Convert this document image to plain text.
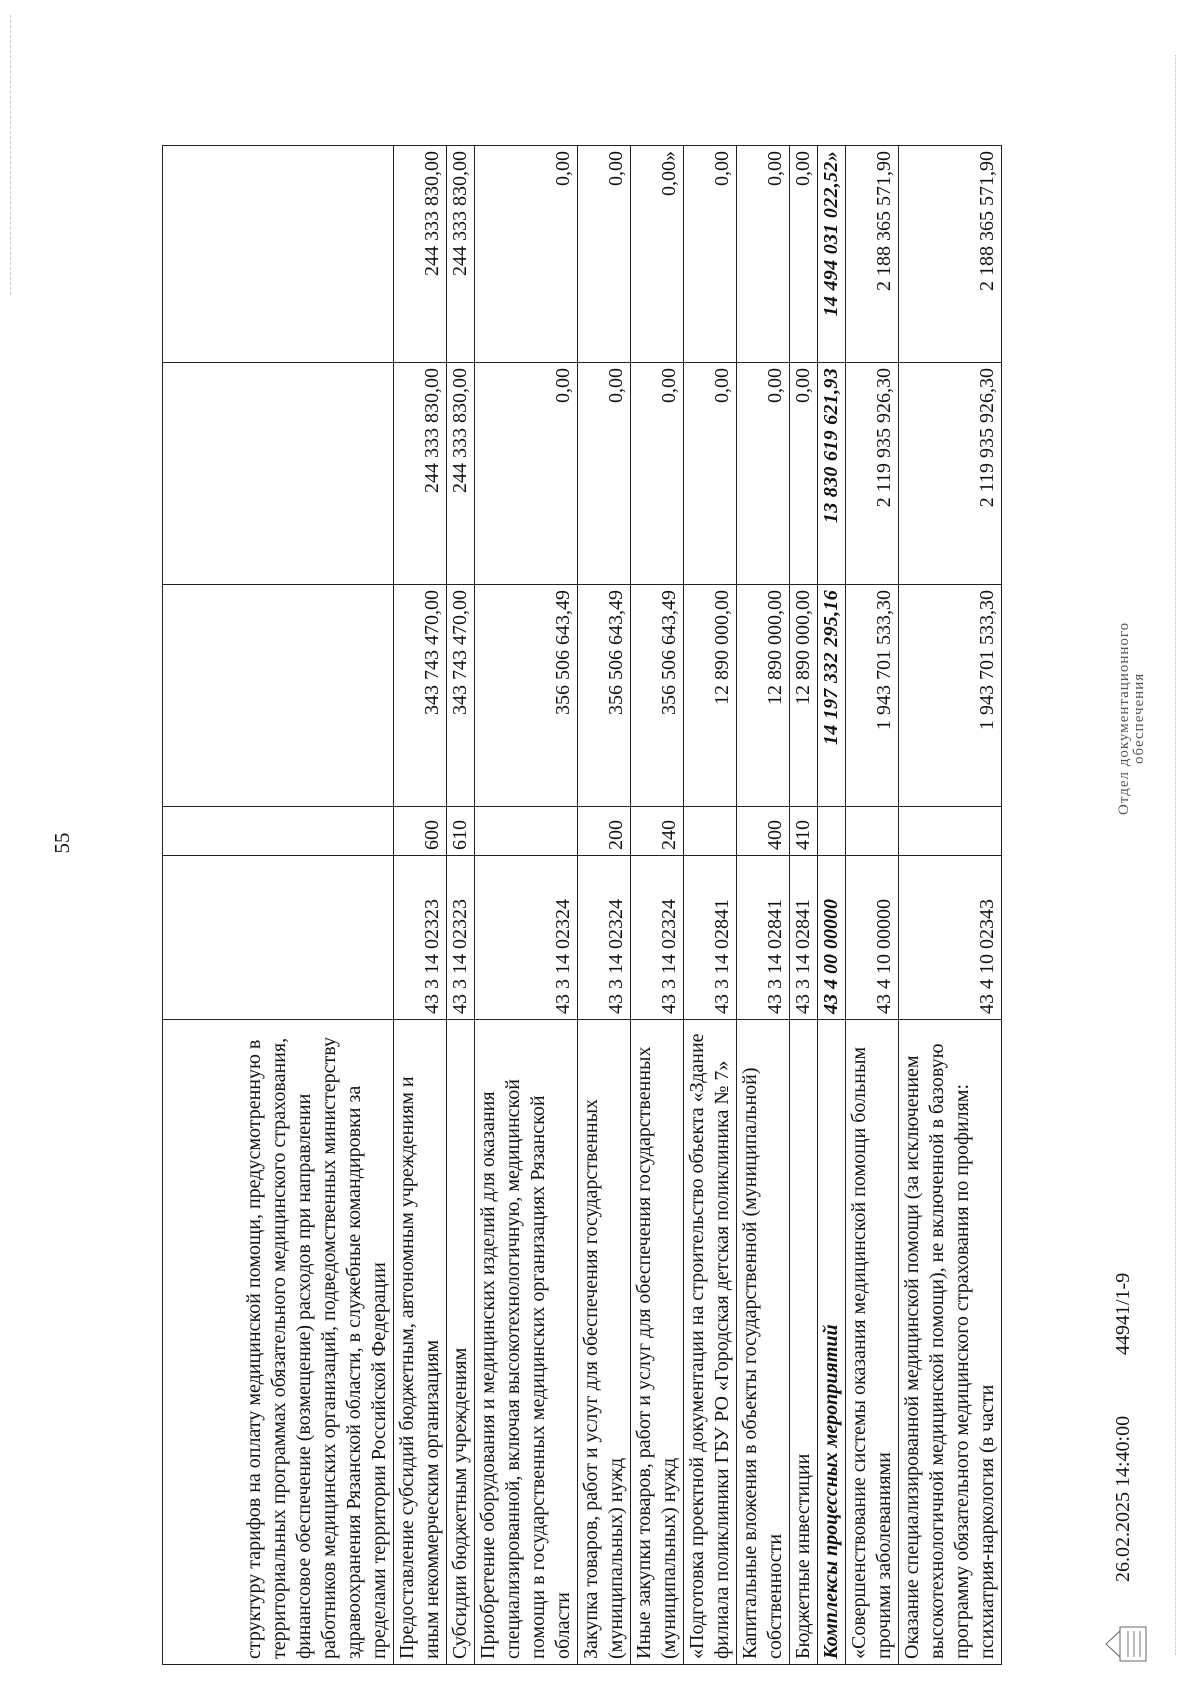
55
структуру тарифов на оплату медицинской помощи, предусмотренную в территориальных программах обязательного медицинского страхования, финансовое обеспечение (возмещение) расходов при направлении работников медицинских организаций, подведомственных министерству здравоохранения Рязанской области, в служебные командировки за пределами территории Российской Федерации					
Предоставление субсидий бюджетным, автономным учреждениям и иным некоммерческим организациям	43 3 14 02323	600	343 743 470,00	244 333 830,00	244 333 830,00
Субсидии бюджетным учреждениям	43 3 14 02323	610	343 743 470,00	244 333 830,00	244 333 830,00
Приобретение оборудования и медицинских изделий для оказания специализированной, включая высокотехнологичную, медицинской помощи в государственных медицинских организациях Рязанской области	43 3 14 02324		356 506 643,49	0,00	0,00
Закупка товаров, работ и услуг для обеспечения государственных (муниципальных) нужд	43 3 14 02324	200	356 506 643,49	0,00	0,00
Иные закупки товаров, работ и услуг для обеспечения государственных (муниципальных) нужд	43 3 14 02324	240	356 506 643,49	0,00	0,00»
«Подготовка проектной документации на строительство объекта «Здание филиала поликлиники ГБУ РО «Городская детская поликлиника № 7»	43 3 14 02841		12 890 000,00	0,00	0,00
Капитальные вложения в объекты государственной (муниципальной) собственности	43 3 14 02841	400	12 890 000,00	0,00	0,00
Бюджетные инвестиции	43 3 14 02841	410	12 890 000,00	0,00	0,00
Комплексы процессных мероприятий	43 4 00 00000		14 197 332 295,16	13 830 619 621,93	14 494 031 022,52»
«Совершенствование системы оказания медицинской помощи больным прочими заболеваниями	43 4 10 00000		1 943 701 533,30	2 119 935 926,30	2 188 365 571,90
Оказание специализированной медицинской помощи (за исключением высокотехнологичной медицинской помощи), не включенной в базовую программу обязательного медицинского страхования по профилям: психиатрия-наркология (в части	43 4 10 02343		1 943 701 533,30	2 119 935 926,30	2 188 365 571,90
26.02.2025 14:40:00
44941/1-9
Отдел документационного обеспечения
